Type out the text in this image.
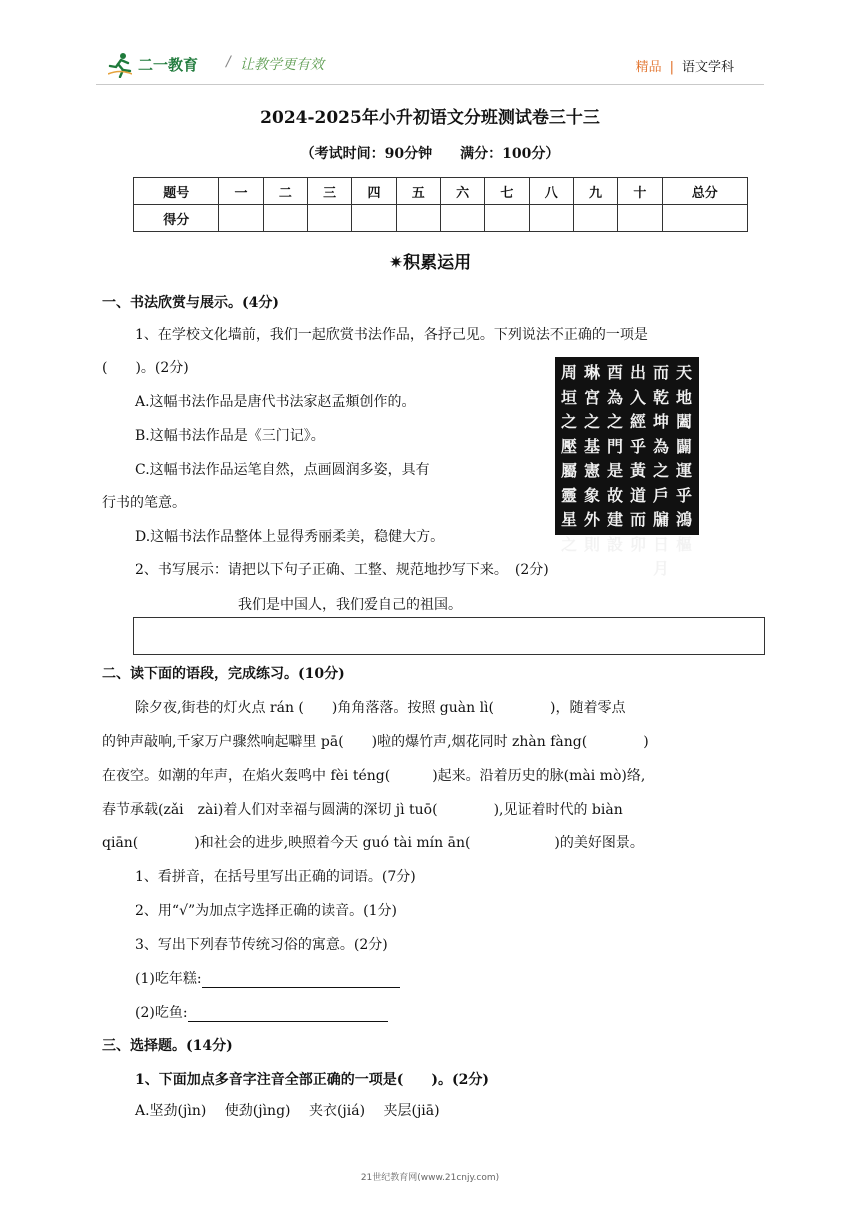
二一教育 / 让教学更有效	精品 | 语文学科
2024-2025年小升初语文分班测试卷三十三
（考试时间：90分钟　　满分：100分）
题号	一	二	三	四	五	六	七	八	九	十	总分
得分											
✷积累运用
一、书法欣赏与展示。(4分)
1、在学校文化墙前，我们一起欣赏书法作品，各抒己见。下列说法不正确的一项是
(　　)。(2分)
A.这幅书法作品是唐代书法家赵孟頫创作的。
B.这幅书法作品是《三门记》。
C.这幅书法作品运笔自然，点画圆润多姿，具有
行书的笔意。
D.这幅书法作品整体上显得秀丽柔美，稳健大方。
天地闔闢運乎鴻樞
而乾坤為之戶牖日月
出入經乎黃道而卯
酉為之門是故建設
琳宮之基憲象外則
周垣之壓屬靈星之
2、书写展示：请把以下句子正确、工整、规范地抄写下来。　(2分)
我们是中国人，我们爱自己的祖国。
二、读下面的语段，完成练习。(10分)
除夕夜,街巷的灯火点 rán (　　)角角落落。按照 guàn lì(　　　　)，随着零点
的钟声敲响,千家万户骤然响起噼里 pā(　　)啦的爆竹声,烟花同时 zhàn fàng(　　　　)
在夜空。如潮的年声，在焰火轰鸣中 fèi téng(　　　)起来。沿着历史的脉(mài mò)络,
春节承载(zǎi　zài)着人们对幸福与圆满的深切 jì tuō(　　　　),见证着时代的 biàn
qiān(　　　　)和社会的进步,映照着今天 guó tài mín ān(　　　　　　)的美好图景。
1、看拼音，在括号里写出正确的词语。(7分)
2、用“√”为加点字选择正确的读音。(1分)
3、写出下列春节传统习俗的寓意。(2分)
(1)吃年糕:
(2)吃鱼:
三、选择题。(14分)
1、下面加点多音字注音全部正确的一项是(　　)。(2分)
A.坚劲(jìn)　 使劲(jìng)　 夹衣(jiá)　 夹层(jiā)
21世纪教育网(www.21cnjy.com)
